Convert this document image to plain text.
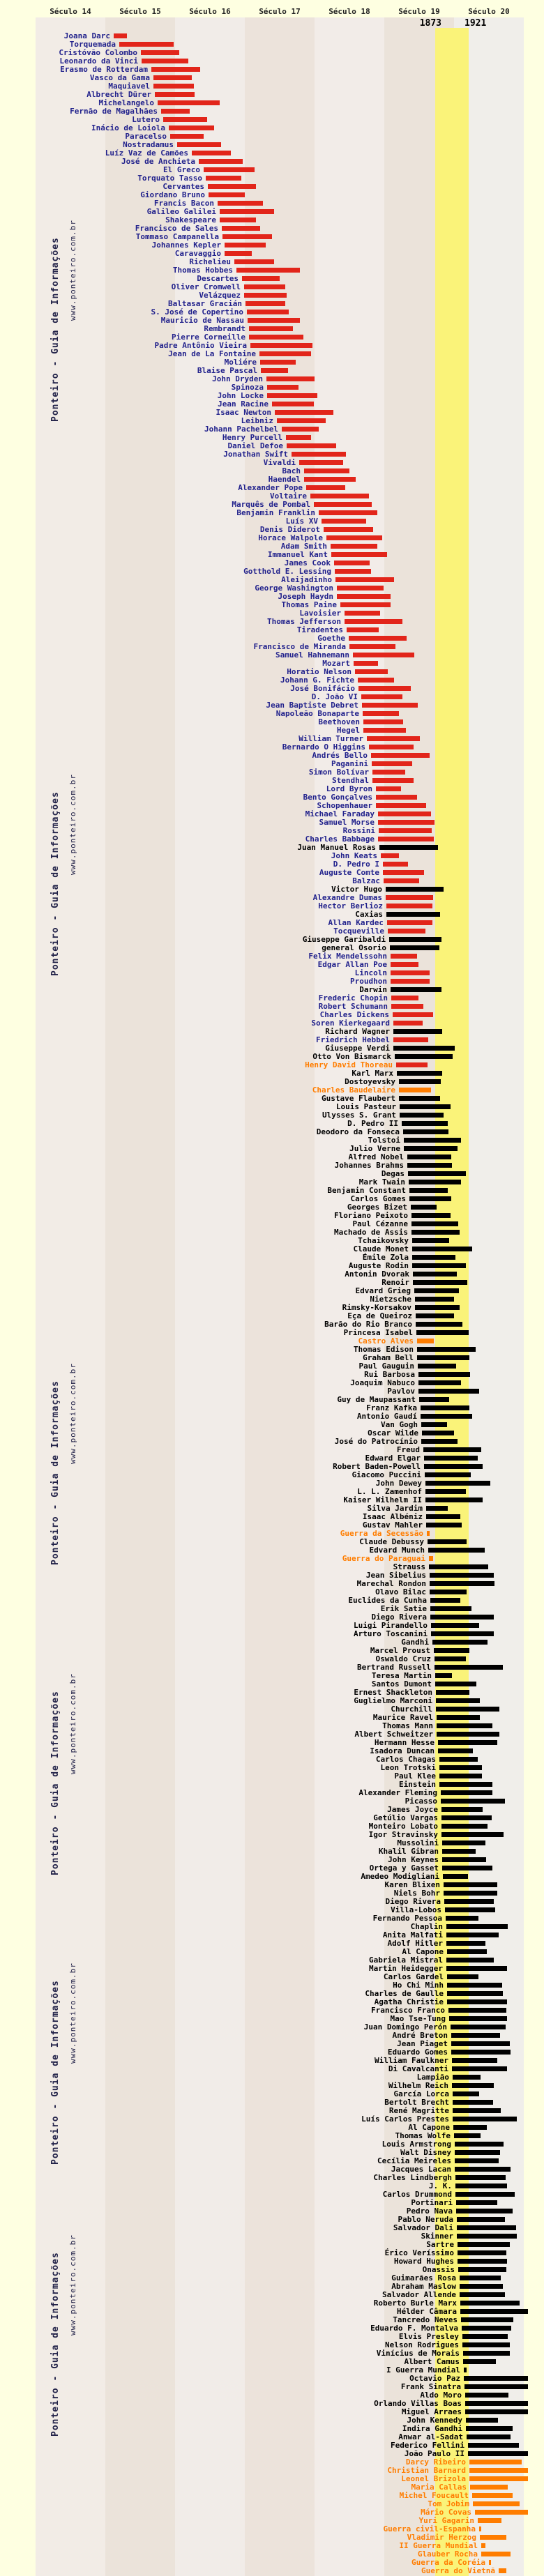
Século 14	Século 15	Século 16	Século 17	Século 18	Século 19	Século 20
1873	1921
Joana Darc
Torquemada
Cristóvão Colombo
Leonardo da Vinci
Erasmo de Rotterdam
Vasco da Gama
Maquiavel
Albrecht Dürer
Michelangelo
Fernão de Magalhães
Lutero
Inácio de Loiola
Paracelso
Nostradamus
Luíz Vaz de Camões
José de Anchieta
El Greco
Torquato Tasso
Cervantes
Giordano Bruno
Francis Bacon
Galileo Galilei
Shakespeare
Francisco de Sales
Tommaso Campanella
Johannes Kepler
Caravaggio
Richelieu
Thomas Hobbes
Descartes
Oliver Cromwell
Velázquez
Baltasar Gracián
S. José de Copertino
Mauricio de Nassau
Rembrandt
Pierre Corneille
Padre Antônio Vieira
Jean de La Fontaine
Moliére
Blaise Pascal
John Dryden
Spinoza
John Locke
Jean Racine
Isaac Newton
Leibniz
Johann Pachelbel
Henry Purcell
Daniel Defoe
Jonathan Swift
Vivaldi
Bach
Haendel
Alexander Pope
Voltaire
Marquês de Pombal
Benjamin Franklin
Luís XV
Denis Diderot
Horace Walpole
Adam Smith
Immanuel Kant
James Cook
Gotthold E. Lessing
Aleijadinho
George Washington
Joseph Haydn
Thomas Paine
Lavoisier
Thomas Jefferson
Tiradentes
Goethe
Francisco de Miranda
Samuel Hahnemann
Mozart
Horatio Nelson
Johann G. Fichte
José Bonifácio
D. João VI
Jean Baptiste Debret
Napoleão Bonaparte
Beethoven
Hegel
William Turner
Bernardo O Higgins
Andrés Bello
Paganini
Simon Bolívar
Stendhal
Lord Byron
Bento Gonçalves
Schopenhauer
Michael Faraday
Samuel Morse
Rossini
Charles Babbage
Juan Manuel Rosas
John Keats
D. Pedro I
Auguste Comte
Balzac
Victor Hugo
Alexandre Dumas
Hector Berlioz
Caxias
Allan Kardec
Tocqueville
Giuseppe Garibaldi
general Osorio
Felix Mendelssohn
Edgar Allan Poe
Lincoln
Proudhon
Darwin
Frederic Chopin
Robert Schumann
Charles Dickens
Soren Kierkegaard
Richard Wagner
Friedrich Hebbel
Giuseppe Verdi
Otto Von Bismarck
Henry David Thoreau
Karl Marx
Dostoyevsky
Charles Baudelaire
Gustave Flaubert
Louis Pasteur
Ulysses S. Grant
D. Pedro II
Deodoro da Fonseca
Tolstoi
Julio Verne
Alfred Nobel
Johannes Brahms
Degas
Mark Twain
Benjamin Constant
Carlos Gomes
Georges Bizet
Floriano Peixoto
Paul Cézanne
Machado de Assis
Tchaikovsky
Claude Monet
Émile Zola
Auguste Rodin
Antonin Dvorak
Renoir
Edvard Grieg
Nietzsche
Rimsky-Korsakov
Eça de Queiroz
Barão do Rio Branco
Princesa Isabel
Castro Alves
Thomas Edison
Graham Bell
Paul Gauguin
Rui Barbosa
Joaquim Nabuco
Pavlov
Guy de Maupassant
Franz Kafka
Antonio Gaudí
Van Gogh
Oscar Wilde
José do Patrocínio
Freud
Edward Elgar
Robert Baden-Powell
Giacomo Puccini
John Dewey
L. L. Zamenhof
Kaiser Wilhelm II
Silva Jardim
Isaac Albéniz
Gustav Mahler
Guerra da Secessão
Claude Debussy
Edvard Munch
Guerra do Paraguai
Strauss
Jean Sibelius
Marechal Rondon
Olavo Bilac
Euclides da Cunha
Erik Satie
Diego Rivera
Luigi Pirandello
Arturo Toscanini
Gandhi
Marcel Proust
Oswaldo Cruz
Bertrand Russell
Teresa Martin
Santos Dumont
Ernest Shackleton
Guglielmo Marconi
Churchill
Maurice Ravel
Thomas Mann
Albert Schweitzer
Hermann Hesse
Isadora Duncan
Carlos Chagas
Leon Trotski
Paul Klee
Einstein
Alexander Fleming
Picasso
James Joyce
Getúlio Vargas
Monteiro Lobato
Igor Stravinsky
Mussolini
Khalil Gibran
John Keynes
Ortega y Gasset
Amedeo Modigliani
Karen Blixen
Niels Bohr
Diego Rivera
Villa-Lobos
Fernando Pessoa
Chaplin
Anita Malfati
Adolf Hitler
Al Capone
Gabriela Mistral
Martin Heidegger
Carlos Gardel
Ho Chi Minh
Charles de Gaulle
Agatha Christie
Francisco Franco
Mao Tse-Tung
Juan Domingo Perón
André Breton
Jean Piaget
Eduardo Gomes
William Faulkner
Di Cavalcanti
Lampião
Wilhelm Reich
García Lorca
Bertolt Brecht
René Magritte
Luís Carlos Prestes
Al Capone
Thomas Wolfe
Louis Armstrong
Walt Disney
Cecília Meireles
Jacques Lacan
Charles Lindbergh
J. K.
Carlos Drummond
Portinari
Pedro Nava
Pablo Neruda
Salvador Dali
Skinner
Sartre
Érico Veríssimo
Howard Hughes
Onassis
Guimarães Rosa
Abraham Maslow
Salvador Allende
Roberto Burle Marx
Hélder Câmara
Tancredo Neves
Eduardo F. Montalva
Elvis Presley
Nelson Rodrigues
Vinícius de Morais
Albert Camus
I Guerra Mundial
Octavio Paz
Frank Sinatra
Aldo Moro
Orlando Villas Boas
Miguel Arraes
John Kennedy
Indira Gandhi
Anwar al-Sadat
Federico Fellini
João Paulo II
Darcy Ribeiro
Christian Barnard
Leonel Brizola
Maria Callas
Michel Foucault
Tom Jobim
Mário Covas
Yuri Gagarin
Guerra civil-Espanha
Vladimir Herzog
II Guerra Mundial
Glauber Rocha
Guerra da Coréia
Guerra do Vietnã
Ponteiro - Guia de Informações www.ponteiro.com.br
Ponteiro - Guia de Informações www.ponteiro.com.br
Ponteiro - Guia de Informações www.ponteiro.com.br
Ponteiro - Guia de Informações www.ponteiro.com.br
Ponteiro - Guia de Informações www.ponteiro.com.br
Ponteiro - Guia de Informações www.ponteiro.com.br
